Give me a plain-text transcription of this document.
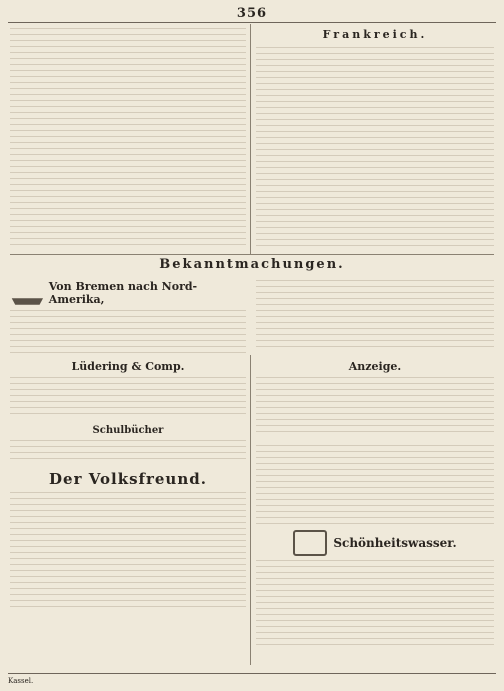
356
Frankreich.
Bekanntmachungen.
Von Bremen nach Nord-Amerika,
Lüdering & Comp.	Anzeige.
Schulbücher
Der Volksfreund.
Schönheitswasser.
Kassel.
